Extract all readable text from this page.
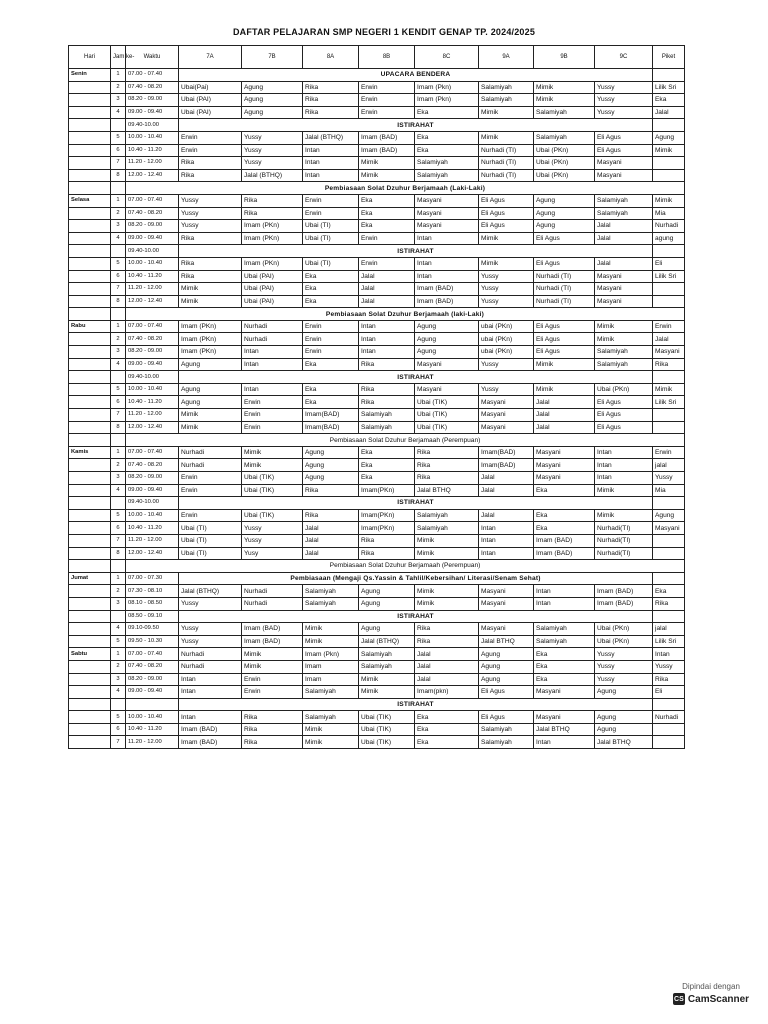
DAFTAR PELAJARAN SMP NEGERI 1 KENDIT GENAP TP. 2024/2025
Hari	Jam ke-	Waktu	7A	7B	8A	8B	8C	9A	9B	9C	Piket
Senin	1	07.00 - 07.40	UPACARA BENDERA								
	2	07.40 - 08.20	Ubai(Pai)	Agung	Rika	Erwin	Imam (Pkn)	Salamiyah	Mimik	Yussy	Lilik Sri
	3	08.20 - 09.00	Ubai (PAI)	Agung	Rika	Erwin	Imam (Pkn)	Salamiyah	Mimik	Yussy	Eka
	4	09.00 - 09.40	Ubai (PAI)	Agung	Rika	Erwin	Eka	Mimik	Salamiyah	Yussy	Jalal
		09.40-10.00	ISTIRAHAT								
	5	10.00 - 10.40	Erwin	Yussy	Jalal (BTHQ)	Imam (BAD)	Eka	Mimik	Salamiyah	Eli Agus	Agung
	6	10.40 - 11.20	Erwin	Yussy	Intan	Imam (BAD)	Eka	Nurhadi (TI)	Ubai (PKn)	Eli Agus	Mimik
	7	11.20 - 12.00	Rika	Yussy	Intan	Mimik	Salamiyah	Nurhadi (TI)	Ubai (PKn)	Masyani	
	8	12.00 - 12.40	Rika	Jalal (BTHQ)	Intan	Mimik	Salamiyah	Nurhadi (TI)	Ubai (PKn)	Masyani	
		Pembiasaan Solat Dzuhur Berjamaah (Laki-Laki)									
Selasa	1	07.00 - 07.40	Yussy	Rika	Erwin	Eka	Masyani	Eli Agus	Agung	Salamiyah	Mimik
	2	07.40 - 08.20	Yussy	Rika	Erwin	Eka	Masyani	Eli Agus	Agung	Salamiyah	Mia
	3	08.20 - 09.00	Yussy	Imam (PKn)	Ubai (TI)	Eka	Masyani	Eli Agus	Agung	Jalal	Nurhadi
	4	09.00 - 09.40	Rika	Imam (PKn)	Ubai (TI)	Erwin	Intan	Mimik	Eli Agus	Jalal	agung
		09.40-10.00	ISTIRAHAT								
	5	10.00 - 10.40	Rika	Imam (PKn)	Ubai (TI)	Erwin	Intan	Mimik	Eli Agus	Jalal	Eli
	6	10.40 - 11.20	Rika	Ubai (PAI)	Eka	Jalal	Intan	Yussy	Nurhadi (TI)	Masyani	Lilik Sri
	7	11.20 - 12.00	Mimik	Ubai (PAI)	Eka	Jalal	Imam (BAD)	Yussy	Nurhadi (TI)	Masyani	
	8	12.00 - 12.40	Mimik	Ubai (PAI)	Eka	Jalal	Imam (BAD)	Yussy	Nurhadi (TI)	Masyani	
		Pembiasaan Solat Dzuhur Berjamaah (laki-Laki)									
Rabu	1	07.00 - 07.40	Imam (PKn)	Nurhadi	Erwin	Intan	Agung	ubai (PKn)	Eli Agus	Mimik	Erwin
	2	07.40 - 08.20	Imam (PKn)	Nurhadi	Erwin	Intan	Agung	ubai (PKn)	Eli Agus	Mimik	Jalal
	3	08.20 - 09.00	Imam (PKn)	Intan	Erwin	Intan	Agung	ubai (PKn)	Eli Agus	Salamiyah	Masyani
	4	09.00 - 09.40	Agung	Intan	Eka	Rika	Masyani	Yussy	Mimik	Salamiyah	Rika
		09.40-10.00	ISTIRAHAT								
	5	10.00 - 10.40	Agung	Intan	Eka	Rika	Masyani	Yussy	Mimik	Ubai (PKn)	Mimik
	6	10.40 - 11.20	Agung	Erwin	Eka	Rika	Ubai (TIK)	Masyani	Jalal	Eli Agus	Lilik Sri
	7	11.20 - 12.00	Mimik	Erwin	Imam(BAD)	Salamiyah	Ubai (TIK)	Masyani	Jalal	Eli Agus	
	8	12.00 - 12.40	Mimik	Erwin	Imam(BAD)	Salamiyah	Ubai (TIK)	Masyani	Jalal	Eli Agus	
		Pembiasaan Solat Dzuhur Berjamaah (Perempuan)									
Kamis	1	07.00 - 07.40	Nurhadi	Mimik	Agung	Eka	Rika	Imam(BAD)	Masyani	Intan	Erwin
	2	07.40 - 08.20	Nurhadi	Mimik	Agung	Eka	Rika	Imam(BAD)	Masyani	Intan	jalal
	3	08.20 - 09.00	Erwin	Ubai (TIK)	Agung	Eka	Rika	Jalal	Masyani	Intan	Yussy
	4	09.00 - 09.40	Erwin	Ubai (TIK)	Rika	Imam(PKn)	Jalal BTHQ	Jalal	Eka	Mimik	Mia
		09.40-10.00	ISTIRAHAT								
	5	10.00 - 10.40	Erwin	Ubai (TIK)	Rika	Imam(PKn)	Salamiyah	Jalal	Eka	Mimik	Agung
	6	10.40 - 11.20	Ubai (TI)	Yussy	Jalal	Imam(PKn)	Salamiyah	Intan	Eka	Nurhadi(TI)	Masyani
	7	11.20 - 12.00	Ubai (TI)	Yussy	Jalal	Rika	Mimik	Intan	Imam (BAD)	Nurhadi(TI)	
	8	12.00 - 12.40	Ubai (TI)	Yusy	Jalal	Rika	Mimik	Intan	Imam (BAD)	Nurhadi(TI)	
		Pembiasaan Solat Dzuhur Berjamaah (Perempuan)									
Jumat	1	07.00 - 07.30	Pembiasaan (Mengaji Qs.Yassin & Tahlil/Kebersihan/ Literasi/Senam Sehat)								
	2	07.30 - 08.10	Jalal (BTHQ)	Nurhadi	Salamiyah	Agung	Mimik	Masyani	Intan	Imam (BAD)	Eka
	3	08.10 - 08.50	Yussy	Nurhadi	Salamiyah	Agung	Mimik	Masyani	Intan	Imam (BAD)	Rika
		08.50 - 09.10	ISTIRAHAT								
	4	09.10-09.50	Yussy	Imam (BAD)	Mimik	Agung	Rika	Masyani	Salamiyah	Ubai (PKn)	jalal
	5	09.50 - 10.30	Yussy	Imam (BAD)	Mimik	Jalal (BTHQ)	Rika	Jalal BTHQ	Salamiyah	Ubai (PKn)	Lilik Sri
Sabtu	1	07.00 - 07.40	Nurhadi	Mimik	Imam (Pkn)	Salamiyah	Jalal	Agung	Eka	Yussy	Intan
	2	07.40 - 08.20	Nurhadi	Mimik	Imam	Salamiyah	Jalal	Agung	Eka	Yussy	Yussy
	3	08.20 - 09.00	Intan	Erwin	Imam	Mimik	Jalal	Agung	Eka	Yussy	Rika
	4	09.00 - 09.40	Intan	Erwin	Salamiyah	Mimik	Imam(pkn)	Eli Agus	Masyani	Agung	Eli
			ISTIRAHAT								
	5	10.00 - 10.40	Intan	Rika	Salamiyah	Ubai (TIK)	Eka	Eli Agus	Masyani	Agung	Nurhadi
	6	10.40 - 11.20	Imam (BAD)	Rika	Mimik	Ubai (TIK)	Eka	Salamiyah	Jalal BTHQ	Agung	
	7	11.20 - 12.00	Imam (BAD)	Rika	Mimik	Ubai (TIK)	Eka	Salamiyah	Intan	Jalal BTHQ	
Dipindai dengan
CS CamScanner
